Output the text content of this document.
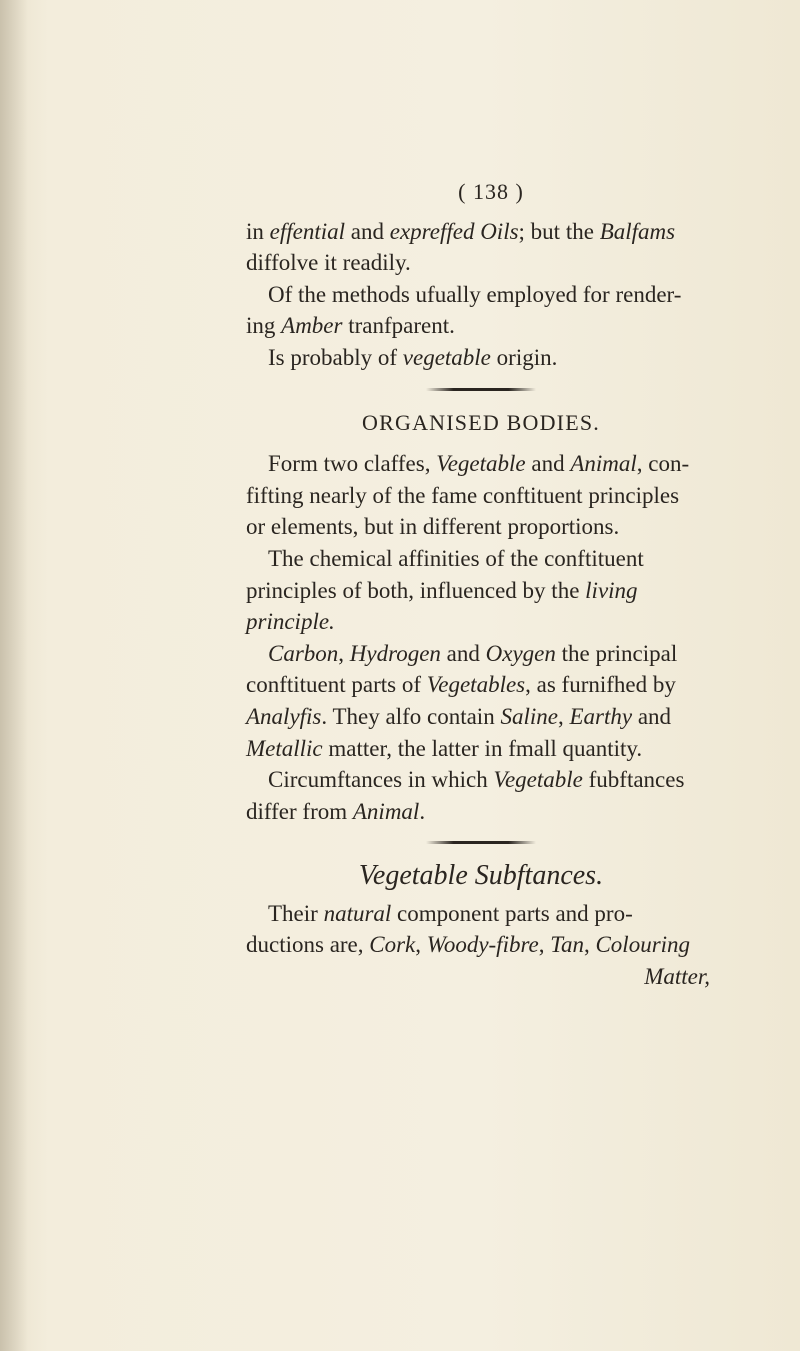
( 138 )
in effential and expreffed Oils; but the Balfams
diffolve it readily.
Of the methods ufually employed for render-
ing Amber tranfparent.
Is probably of vegetable origin.
ORGANISED BODIES.
Form two claffes, Vegetable and Animal, con-
fifting nearly of the fame conftituent principles
or elements, but in different proportions.
The chemical affinities of the conftituent
principles of both, influenced by the living
principle.
Carbon, Hydrogen and Oxygen the principal
conftituent parts of Vegetables, as furnifhed by
Analyfis. They alfo contain Saline, Earthy and
Metallic matter, the latter in fmall quantity.
Circumftances in which Vegetable fubftances
differ from Animal.
Vegetable Subftances.
Their natural component parts and pro-
ductions are, Cork, Woody-fibre, Tan, Colouring
Matter,
